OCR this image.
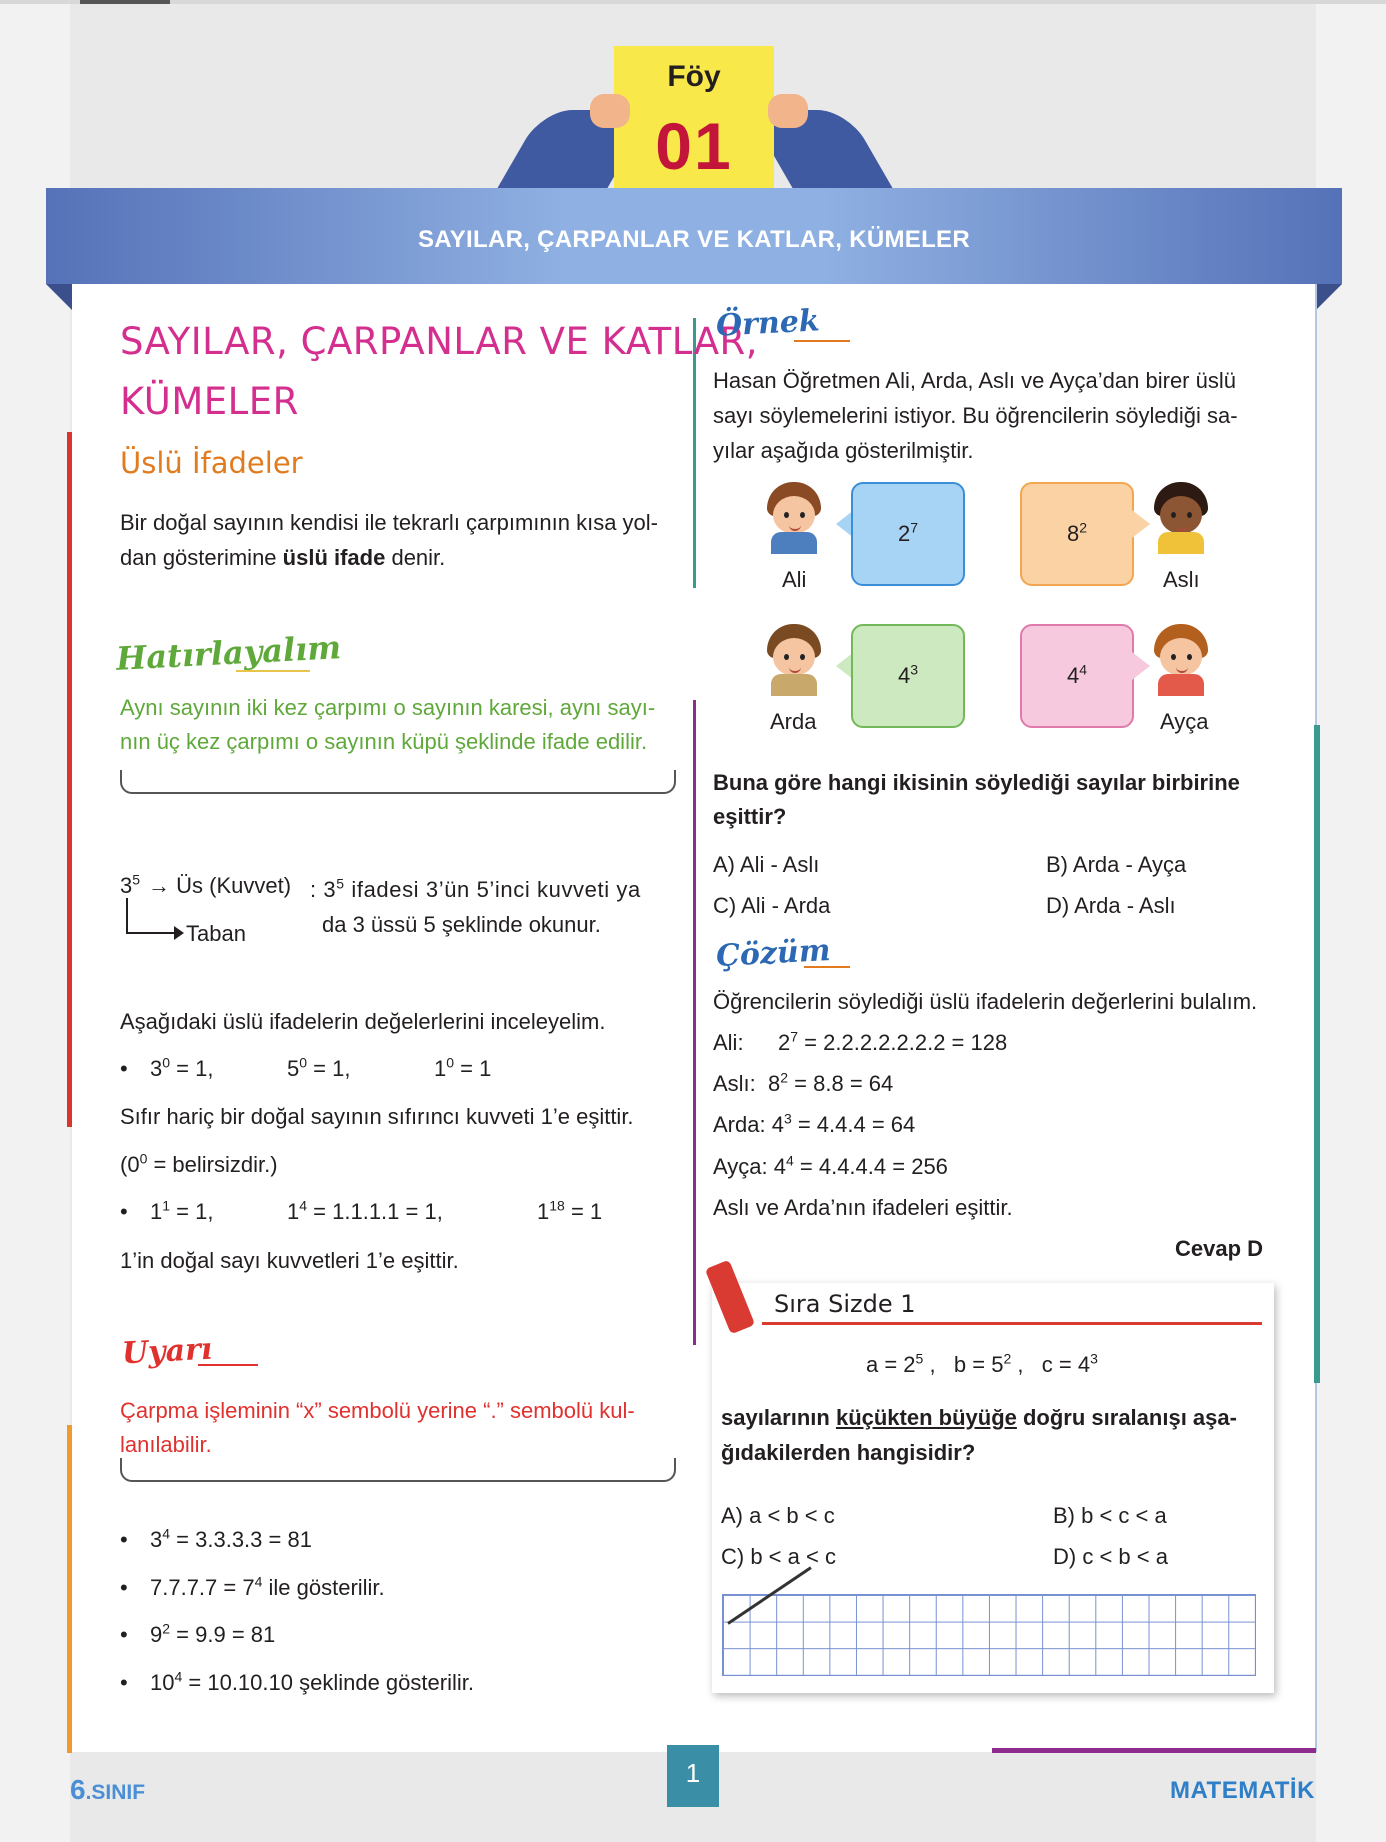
Föy
01
SAYILAR, ÇARPANLAR VE KATLAR, KÜMELER
SAYILAR, ÇARPANLAR VE KATLAR,
KÜMELER
Üslü İfadeler
Bir doğal sayının kendisi ile tekrarlı çarpımının kısa yol-
dan gösterimine üslü ifade denir.
Hatırlayalım
Aynı sayının iki kez çarpımı o sayının karesi, aynı sayı-
nın üç kez çarpımı o sayının küpü şeklinde ifade edilir.
$3^5$ → Üs (Kuvvet)
Taban
: $3^5$ ifadesi 3’ün 5’inci kuvveti ya
da 3 üssü 5 şeklinde okunur.
Aşağıdaki üslü ifadelerin değelerlerini inceleyelim.
• $3^0 = 1$,	$5^0 = 1$,	$1^0 = 1$
Sıfır hariç bir doğal sayının sıfırıncı kuvveti 1’e eşittir.
($0^0$ = belirsizdir.)
• $1^1 = 1$,	$1^4 = 1.1.1.1 = 1$,	$1^{18} = 1$
1’in doğal sayı kuvvetleri 1’e eşittir.
Uyarı
Çarpma işleminin “x” sembolü yerine “.” sembolü kul-
lanılabilir.
• $3^4 = 3.3.3.3 = 81$
• $7.7.7.7 = 7^4$ ile gösterilir.
• $9^2 = 9.9 = 81$
• $10^4 = 10.10.10$ şeklinde gösterilir.
Örnek
Hasan Öğretmen Ali, Arda, Aslı ve Ayça’dan birer üslü
sayı söylemelerini istiyor. Bu öğrencilerin söylediği sa-
yılar aşağıda gösterilmiştir.
Ali
$2^7$	$8^2$
Aslı
Arda
$4^3$	$4^4$
Ayça
Buna göre hangi ikisinin söylediği sayılar birbirine
eşittir?
A) Ali - Aslı	B) Arda - Ayça
C) Ali - Arda	D) Arda - Aslı
Çözüm
Öğrencilerin söylediği üslü ifadelerin değerlerini bulalım.
Ali: $2^7 = 2.2.2.2.2.2.2 = 128$
Aslı:  $8^2 = 8.8 = 64$
Arda: $4^3 = 4.4.4 = 64$
Ayça: $4^4 = 4.4.4.4 = 256$
Aslı ve Arda’nın ifadeleri eşittir.
Cevap D
Sıra Sizde 1
$a = 2^5$ ,   $b = 5^2$ ,   $c = 4^3$
sayılarının küçükten büyüğe doğru sıralanışı aşa-
ğıdakilerden hangisidir?
A) a < b < c	B) b < c < a
C) b < a < c	D) c < b < a
1
6.SINIF	MATEMATİK
